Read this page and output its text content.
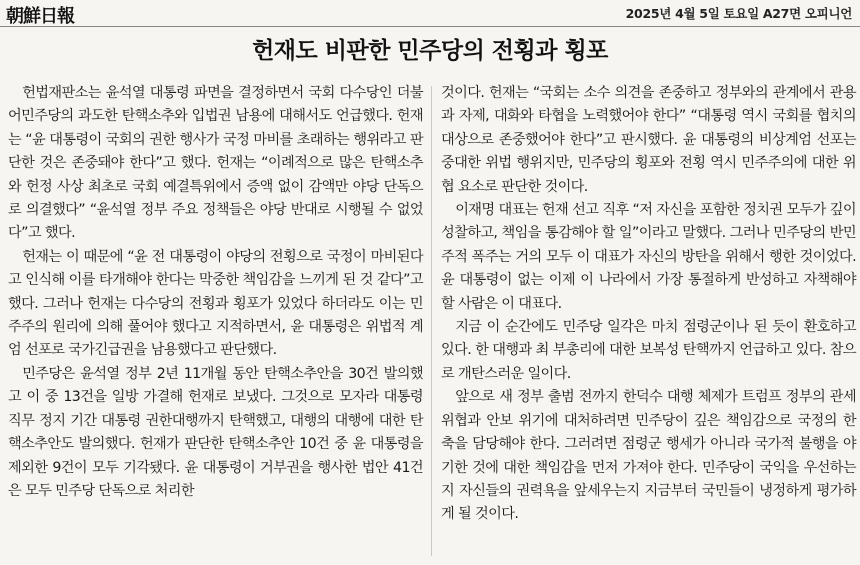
朝鮮日報	2025년 4월 5일 토요일 A27면 오피니언
헌재도 비판한 민주당의 전횡과 횡포

헌법재판소는 윤석열 대통령 파면을 결정하면서 국회 다수당인 더불어민주당의 과도한 탄핵소추와 입법권 남용에 대해서도 언급했다. 헌재는 “윤 대통령이 국회의 권한 행사가 국정 마비를 초래하는 행위라고 판단한 것은 존중돼야 한다”고 했다. 헌재는 “이례적으로 많은 탄핵소추와 헌정 사상 최초로 국회 예결특위에서 증액 없이 감액만 야당 단독으로 의결했다” “윤석열 정부 주요 정책들은 야당 반대로 시행될 수 없었다”고 했다.

헌재는 이 때문에 “윤 전 대통령이 야당의 전횡으로 국정이 마비된다고 인식해 이를 타개해야 한다는 막중한 책임감을 느끼게 된 것 같다”고 했다. 그러나 헌재는 다수당의 전횡과 횡포가 있었다 하더라도 이는 민주주의 원리에 의해 풀어야 했다고 지적하면서, 윤 대통령은 위법적 계엄 선포로 국가긴급권을 남용했다고 판단했다.

민주당은 윤석열 정부 2년 11개월 동안 탄핵소추안을 30건 발의했고 이 중 13건을 일방 가결해 헌재로 보냈다. 그것으로 모자라 대통령 직무 정지 기간 대통령 권한대행까지 탄핵했고, 대행의 대행에 대한 탄핵소추안도 발의했다. 헌재가 판단한 탄핵소추안 10건 중 윤 대통령을 제외한 9건이 모두 기각됐다. 윤 대통령이 거부권을 행사한 법안 41건은 모두 민주당 단독으로 처리한

것이다. 헌재는 “국회는 소수 의견을 존중하고 정부와의 관계에서 관용과 자제, 대화와 타협을 노력했어야 한다” “대통령 역시 국회를 협치의 대상으로 존중했어야 한다”고 판시했다. 윤 대통령의 비상계엄 선포는 중대한 위법 행위지만, 민주당의 횡포와 전횡 역시 민주주의에 대한 위협 요소로 판단한 것이다.

이재명 대표는 헌재 선고 직후 “저 자신을 포함한 정치권 모두가 깊이 성찰하고, 책임을 통감해야 할 일”이라고 말했다. 그러나 민주당의 반민주적 폭주는 거의 모두 이 대표가 자신의 방탄을 위해서 행한 것이었다. 윤 대통령이 없는 이제 이 나라에서 가장 통절하게 반성하고 자책해야 할 사람은 이 대표다.

지금 이 순간에도 민주당 일각은 마치 점령군이나 된 듯이 환호하고 있다. 한 대행과 최 부총리에 대한 보복성 탄핵까지 언급하고 있다. 참으로 개탄스러운 일이다.

앞으로 새 정부 출범 전까지 한덕수 대행 체제가 트럼프 정부의 관세 위협과 안보 위기에 대처하려면 민주당이 깊은 책임감으로 국정의 한 축을 담당해야 한다. 그러려면 점령군 행세가 아니라 국가적 불행을 야기한 것에 대한 책임감을 먼저 가져야 한다. 민주당이 국익을 우선하는지 자신들의 권력욕을 앞세우는지 지금부터 국민들이 냉정하게 평가하게 될 것이다.
